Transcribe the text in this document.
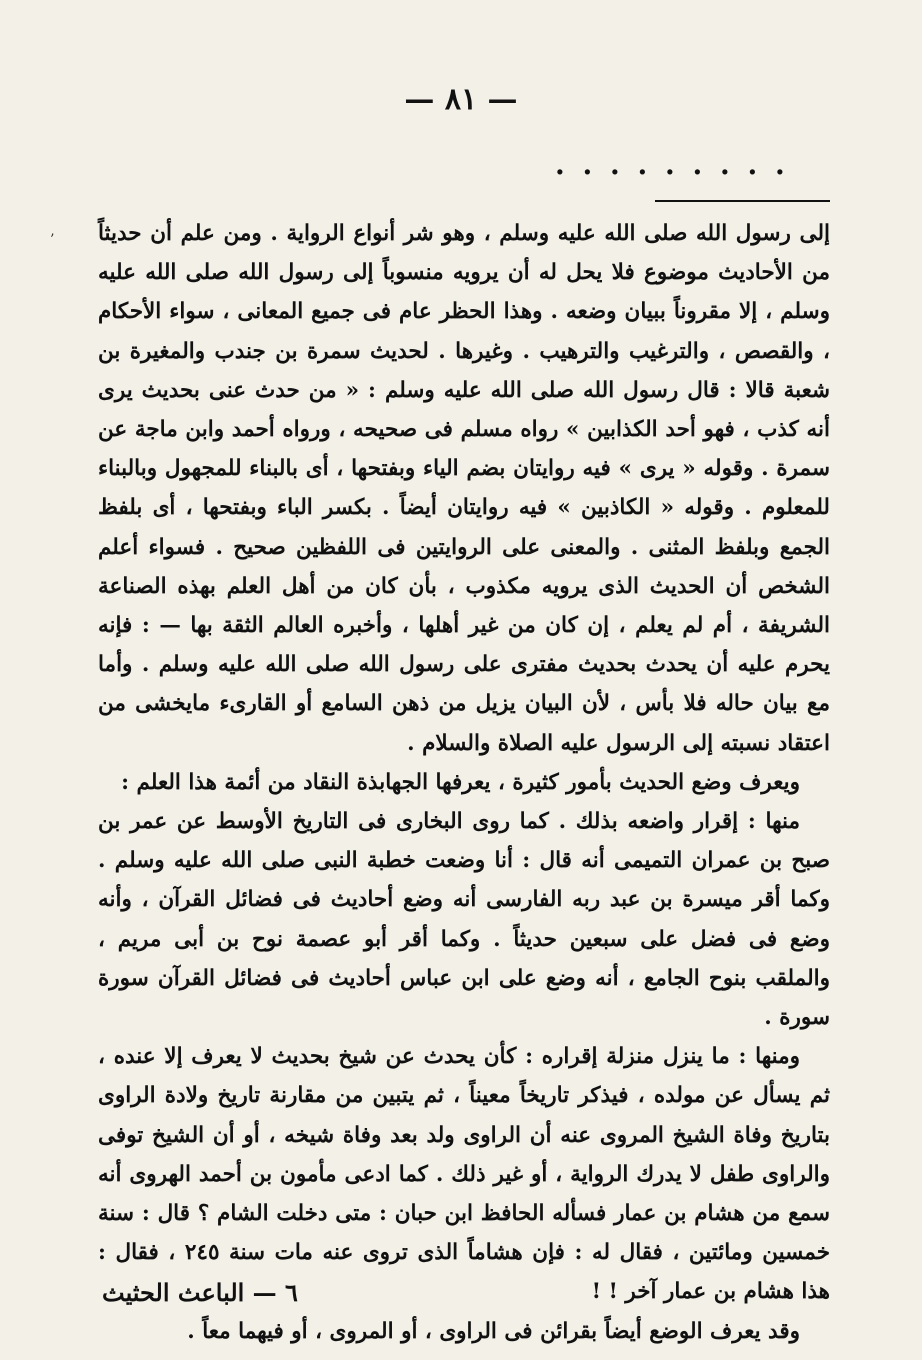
’
— ٨١ —
. . . . . . . . .

إلى رسول الله صلى الله عليه وسلم ، وهو شر أنواع الرواية . ومن علم أن حديثاً من الأحاديث موضوع فلا يحل له أن يرويه منسوباً إلى رسول الله صلى الله عليه وسلم ، إلا مقروناً ببيان وضعه . وهذا الحظر عام فى جميع المعانى ، سواء الأحكام ، والقصص ، والترغيب والترهيب . وغيرها . لحديث سمرة بن جندب والمغيرة بن شعبة قالا : قال رسول الله صلى الله عليه وسلم : « من حدث عنى بحديث يرى أنه كذب ، فهو أحد الكذابين » رواه مسلم فى صحيحه ، ورواه أحمد وابن ماجة عن سمرة . وقوله « يرى » فيه روايتان بضم الياء وبفتحها ، أى بالبناء للمجهول وبالبناء للمعلوم . وقوله « الكاذبين » فيه روايتان أيضاً . بكسر الباء وبفتحها ، أى بلفظ الجمع وبلفظ المثنى . والمعنى على الروايتين فى اللفظين صحيح . فسواء أعلم الشخص أن الحديث الذى يرويه مكذوب ، بأن كان من أهل العلم بهذه الصناعة الشريفة ، أم لم يعلم ، إن كان من غير أهلها ، وأخبره العالم الثقة بها — : فإنه يحرم عليه أن يحدث بحديث مفترى على رسول الله صلى الله عليه وسلم . وأما مع بيان حاله فلا بأس ، لأن البيان يزيل من ذهن السامع أو القارىء مايخشى من اعتقاد نسبته إلى الرسول عليه الصلاة والسلام .

ويعرف وضع الحديث بأمور كثيرة ، يعرفها الجهابذة النقاد من أئمة هذا العلم :

منها : إقرار واضعه بذلك . كما روى البخارى فى التاريخ الأوسط عن عمر بن صبح بن عمران التميمى أنه قال : أنا وضعت خطبة النبى صلى الله عليه وسلم . وكما أقر ميسرة بن عبد ربه الفارسى أنه وضع أحاديث فى فضائل القرآن ، وأنه وضع فى فضل على سبعين حديثاً . وكما أقر أبو عصمة نوح بن أبى مريم ، والملقب بنوح الجامع ، أنه وضع على ابن عباس أحاديث فى فضائل القرآن سورة سورة .

ومنها : ما ينزل منزلة إقراره : كأن يحدث عن شيخ بحديث لا يعرف إلا عنده ، ثم يسأل عن مولده ، فيذكر تاريخاً معيناً ، ثم يتبين من مقارنة تاريخ ولادة الراوى بتاريخ وفاة الشيخ المروى عنه أن الراوى ولد بعد وفاة شيخه ، أو أن الشيخ توفى والراوى طفل لا يدرك الرواية ، أو غير ذلك . كما ادعى مأمون بن أحمد الهروى أنه سمع من هشام بن عمار فسأله الحافظ ابن حبان : متى دخلت الشام ؟ قال : سنة خمسين ومائتين ، فقال له : فإن هشاماً الذى تروى عنه مات سنة ٢٤٥ ، فقال : هذا هشام بن عمار آخر ! !

وقد يعرف الوضع أيضاً بقرائن فى الراوى ، أو المروى ، أو فيهما معاً .

٦ — الباعث الحثيث
